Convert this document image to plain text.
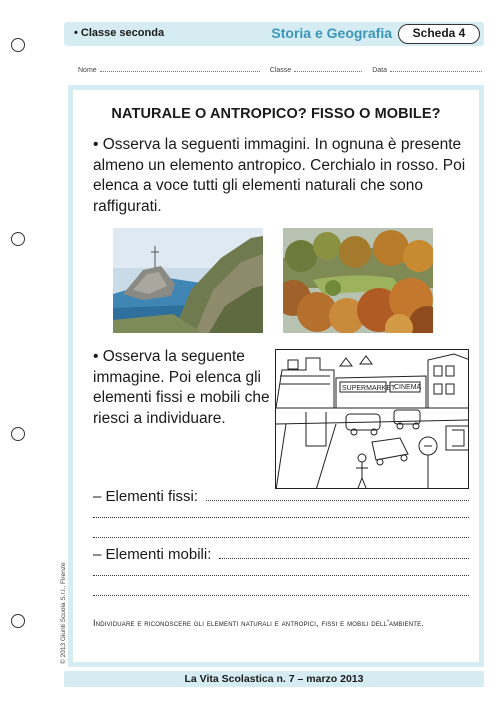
• Classe seconda	Storia e Geografia	Scheda 4
Nome	Classe	Data
NATURALE O ANTROPICO? FISSO O MOBILE?
• Osserva la seguenti immagini. In ognuna è presente almeno un elemento antropico. Cerchialo in rosso. Poi elenca a voce tutti gli elementi naturali che sono raffigurati.
• Osserva la seguente immagine. Poi elenca gli elementi fissi e mobili che riesci a individuare.
SUPERMARKET
CINEMA
– Elementi fissi:
– Elementi mobili:
Individuare e riconoscere gli elementi naturali e antropici, fissi e mobili dell'ambiente.
© 2013 Giunti Scuola S.r.l., Firenze
La Vita Scolastica n. 7 – marzo 2013
